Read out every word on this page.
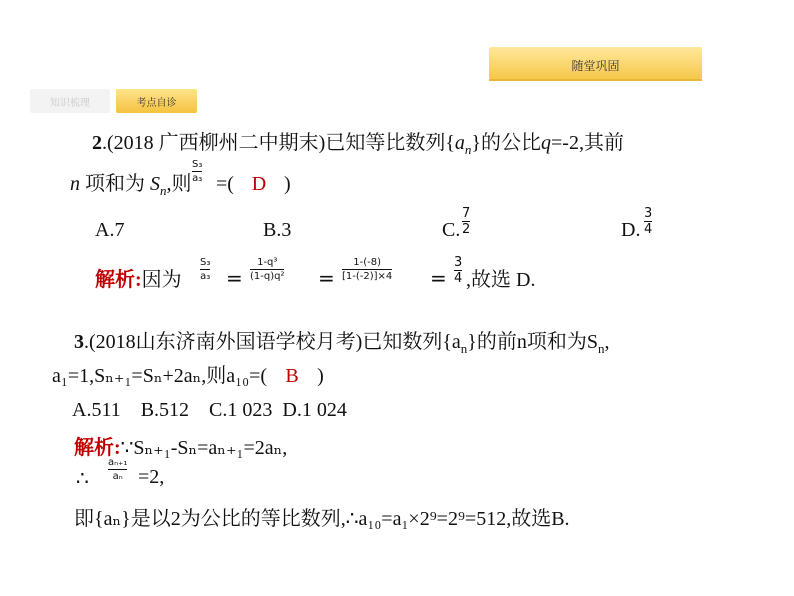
随堂巩固
知识梳理	考点自诊
2.(2018 广西柳州二中期末)已知等比数列$\{a_n\}$的公比q=-2,其前
n 项和为 $S_n$,则
S₃
a₃ =( D )
A.7	B.3	C.
7
2	D.
3
4
解析:因为
S₃
a₃ =
1-q³
(1-q)q² =
1-(-8)
[1-(-2)]×4 =
3
4 ,故选 D.
3.(2018山东济南外国语学校月考)已知数列$\{a_n\}$的前n项和为$S_n$,
a₁=1,Sₙ₊₁=Sₙ+2aₙ,则a₁₀=( B )
A.511    B.512    C.1 023  D.1 024
解析:∵Sₙ₊₁-Sₙ=aₙ₊₁=2aₙ,
∴
aₙ₊₁
aₙ =2,
即{aₙ}是以2为公比的等比数列,∴a₁₀=a₁×2⁹=2⁹=512,故选B.
